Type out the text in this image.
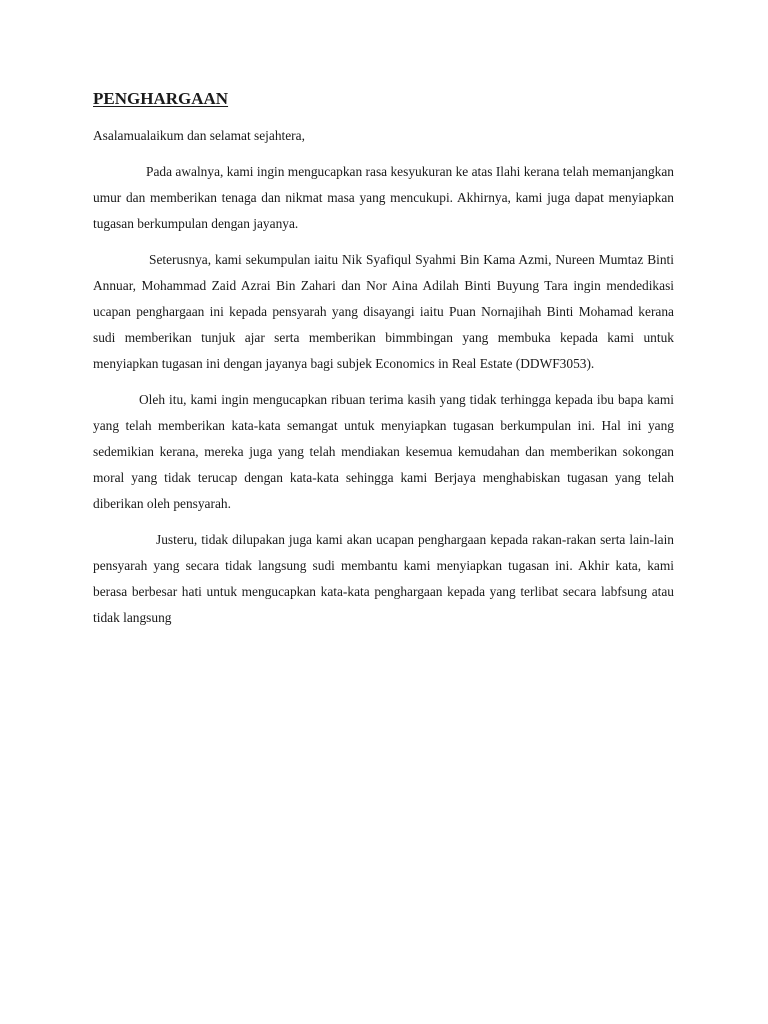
PENGHARGAAN

Asalamualaikum dan selamat sejahtera,

Pada awalnya, kami ingin mengucapkan rasa kesyukuran ke atas Ilahi kerana telah memanjangkan umur dan memberikan tenaga dan nikmat masa yang mencukupi. Akhirnya, kami juga dapat menyiapkan tugasan berkumpulan dengan jayanya.

Seterusnya, kami sekumpulan iaitu Nik Syafiqul Syahmi Bin Kama Azmi, Nureen Mumtaz Binti Annuar, Mohammad Zaid Azrai Bin Zahari dan Nor Aina Adilah Binti Buyung Tara ingin mendedikasi ucapan penghargaan ini kepada pensyarah yang disayangi iaitu Puan Nornajihah Binti Mohamad kerana sudi memberikan tunjuk ajar serta memberikan bimmbingan yang membuka kepada kami untuk menyiapkan tugasan ini dengan jayanya bagi subjek Economics in Real Estate (DDWF3053).

Oleh itu, kami ingin mengucapkan ribuan terima kasih yang tidak terhingga kepada ibu bapa kami yang telah memberikan kata-kata semangat untuk menyiapkan tugasan berkumpulan ini. Hal ini yang sedemikian kerana, mereka juga yang telah mendiakan kesemua kemudahan dan memberikan sokongan moral yang tidak terucap dengan kata-kata sehingga kami Berjaya menghabiskan tugasan yang telah diberikan oleh pensyarah.

Justeru, tidak dilupakan juga kami akan ucapan penghargaan kepada rakan-rakan serta lain-lain pensyarah yang secara tidak langsung sudi membantu kami menyiapkan tugasan ini. Akhir kata, kami berasa berbesar hati untuk mengucapkan kata-kata penghargaan kepada yang terlibat secara labfsung atau tidak langsung
